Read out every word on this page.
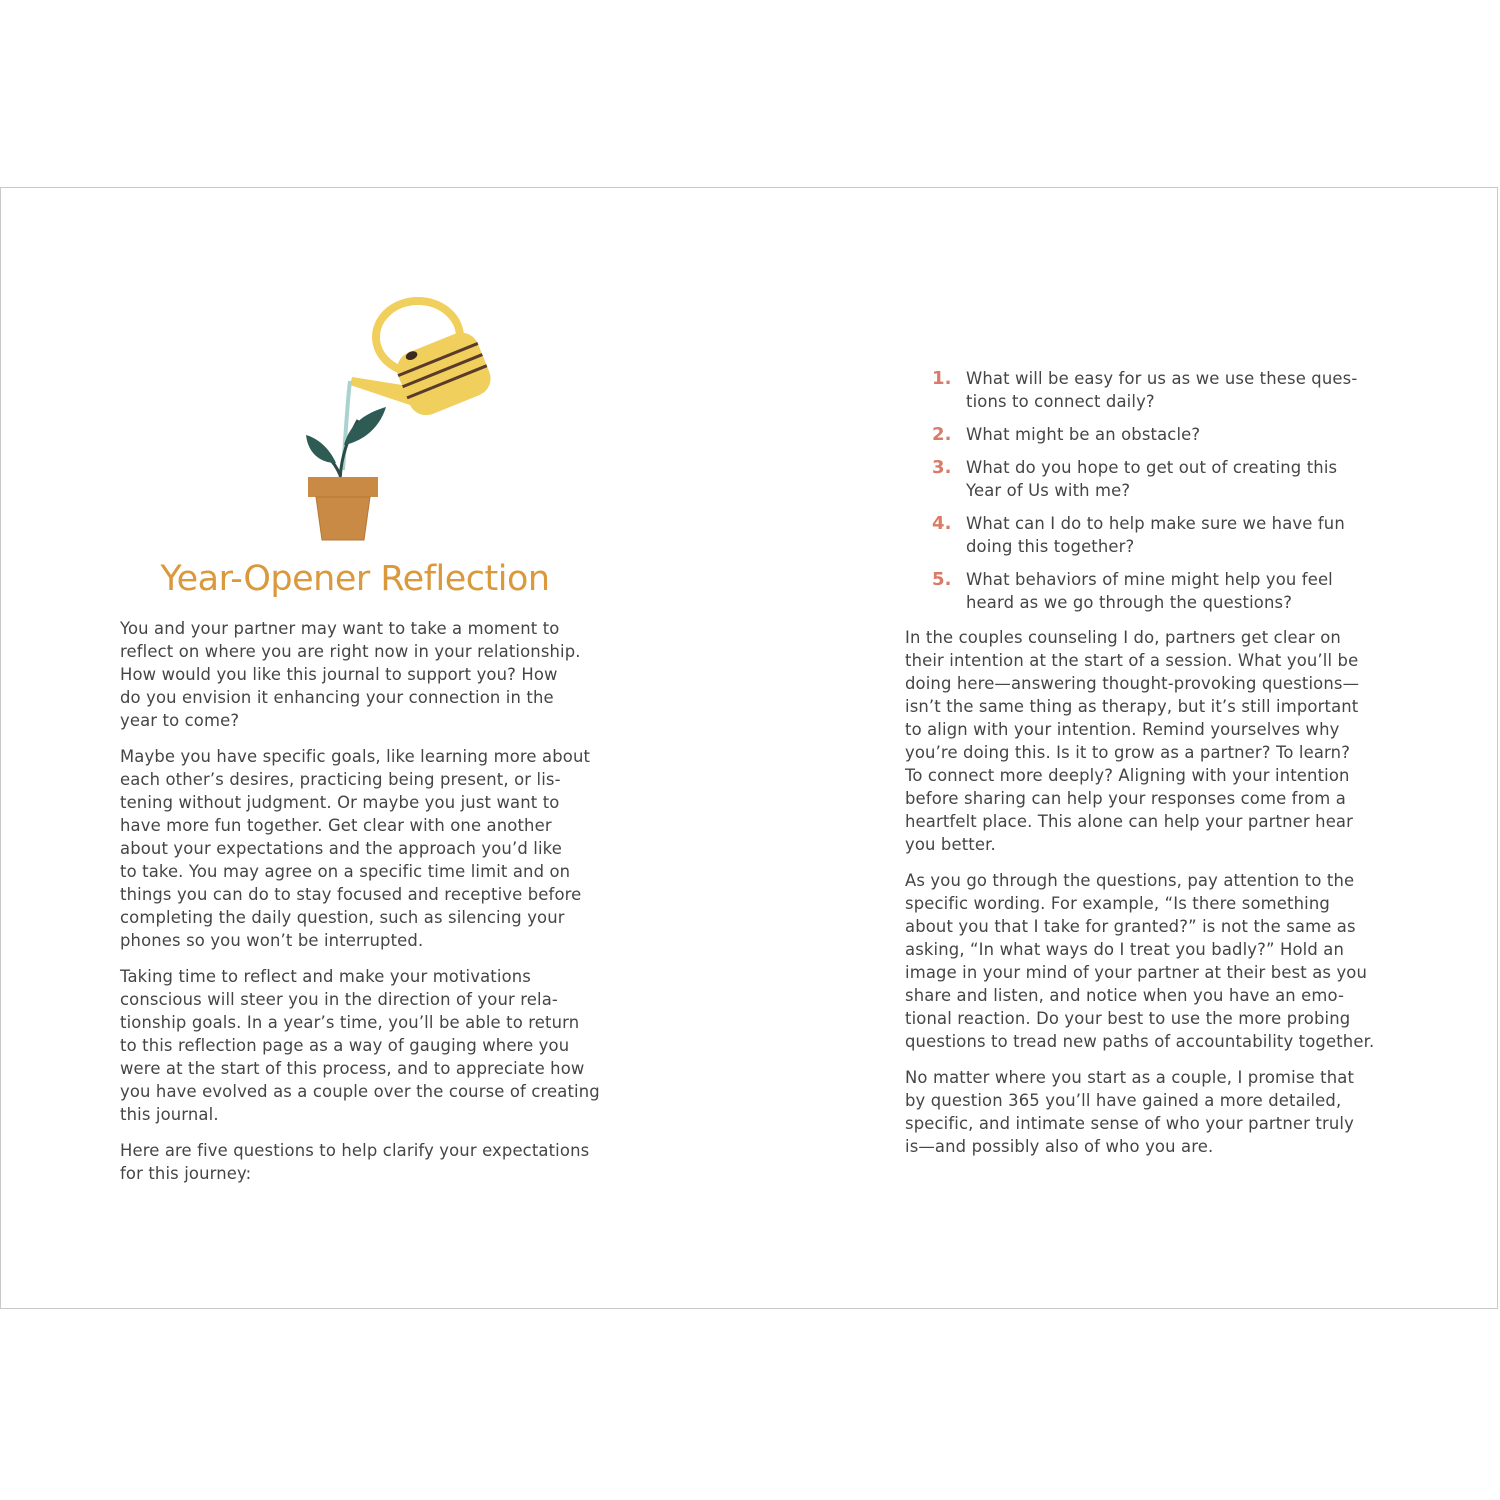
Year-Opener Reflection

You and your partner may want to take a moment to
reflect on where you are right now in your relationship.
How would you like this journal to support you? How
do you envision it enhancing your connection in the
year to come?

Maybe you have specific goals, like learning more about
each other’s desires, practicing being present, or lis-
tening without judgment. Or maybe you just want to
have more fun together. Get clear with one another
about your expectations and the approach you’d like
to take. You may agree on a specific time limit and on
things you can do to stay focused and receptive before
completing the daily question, such as silencing your
phones so you won’t be interrupted.

Taking time to reflect and make your motivations
conscious will steer you in the direction of your rela-
tionship goals. In a year’s time, you’ll be able to return
to this reflection page as a way of gauging where you
were at the start of this process, and to appreciate how
you have evolved as a couple over the course of creating
this journal.

Here are five questions to help clarify your expectations
for this journey:

1. What will be easy for us as we use these ques-
tions to connect daily?
2. What might be an obstacle?
3. What do you hope to get out of creating this
Year of Us with me?
4. What can I do to help make sure we have fun
doing this together?
5. What behaviors of mine might help you feel
heard as we go through the questions?

In the couples counseling I do, partners get clear on
their intention at the start of a session. What you’ll be
doing here—answering thought-provoking questions—
isn’t the same thing as therapy, but it’s still important
to align with your intention. Remind yourselves why
you’re doing this. Is it to grow as a partner? To learn?
To connect more deeply? Aligning with your intention
before sharing can help your responses come from a
heartfelt place. This alone can help your partner hear
you better.

As you go through the questions, pay attention to the
specific wording. For example, “Is there something
about you that I take for granted?” is not the same as
asking, “In what ways do I treat you badly?” Hold an
image in your mind of your partner at their best as you
share and listen, and notice when you have an emo-
tional reaction. Do your best to use the more probing
questions to tread new paths of accountability together.

No matter where you start as a couple, I promise that
by question 365 you’ll have gained a more detailed,
specific, and intimate sense of who your partner truly
is—and possibly also of who you are.
